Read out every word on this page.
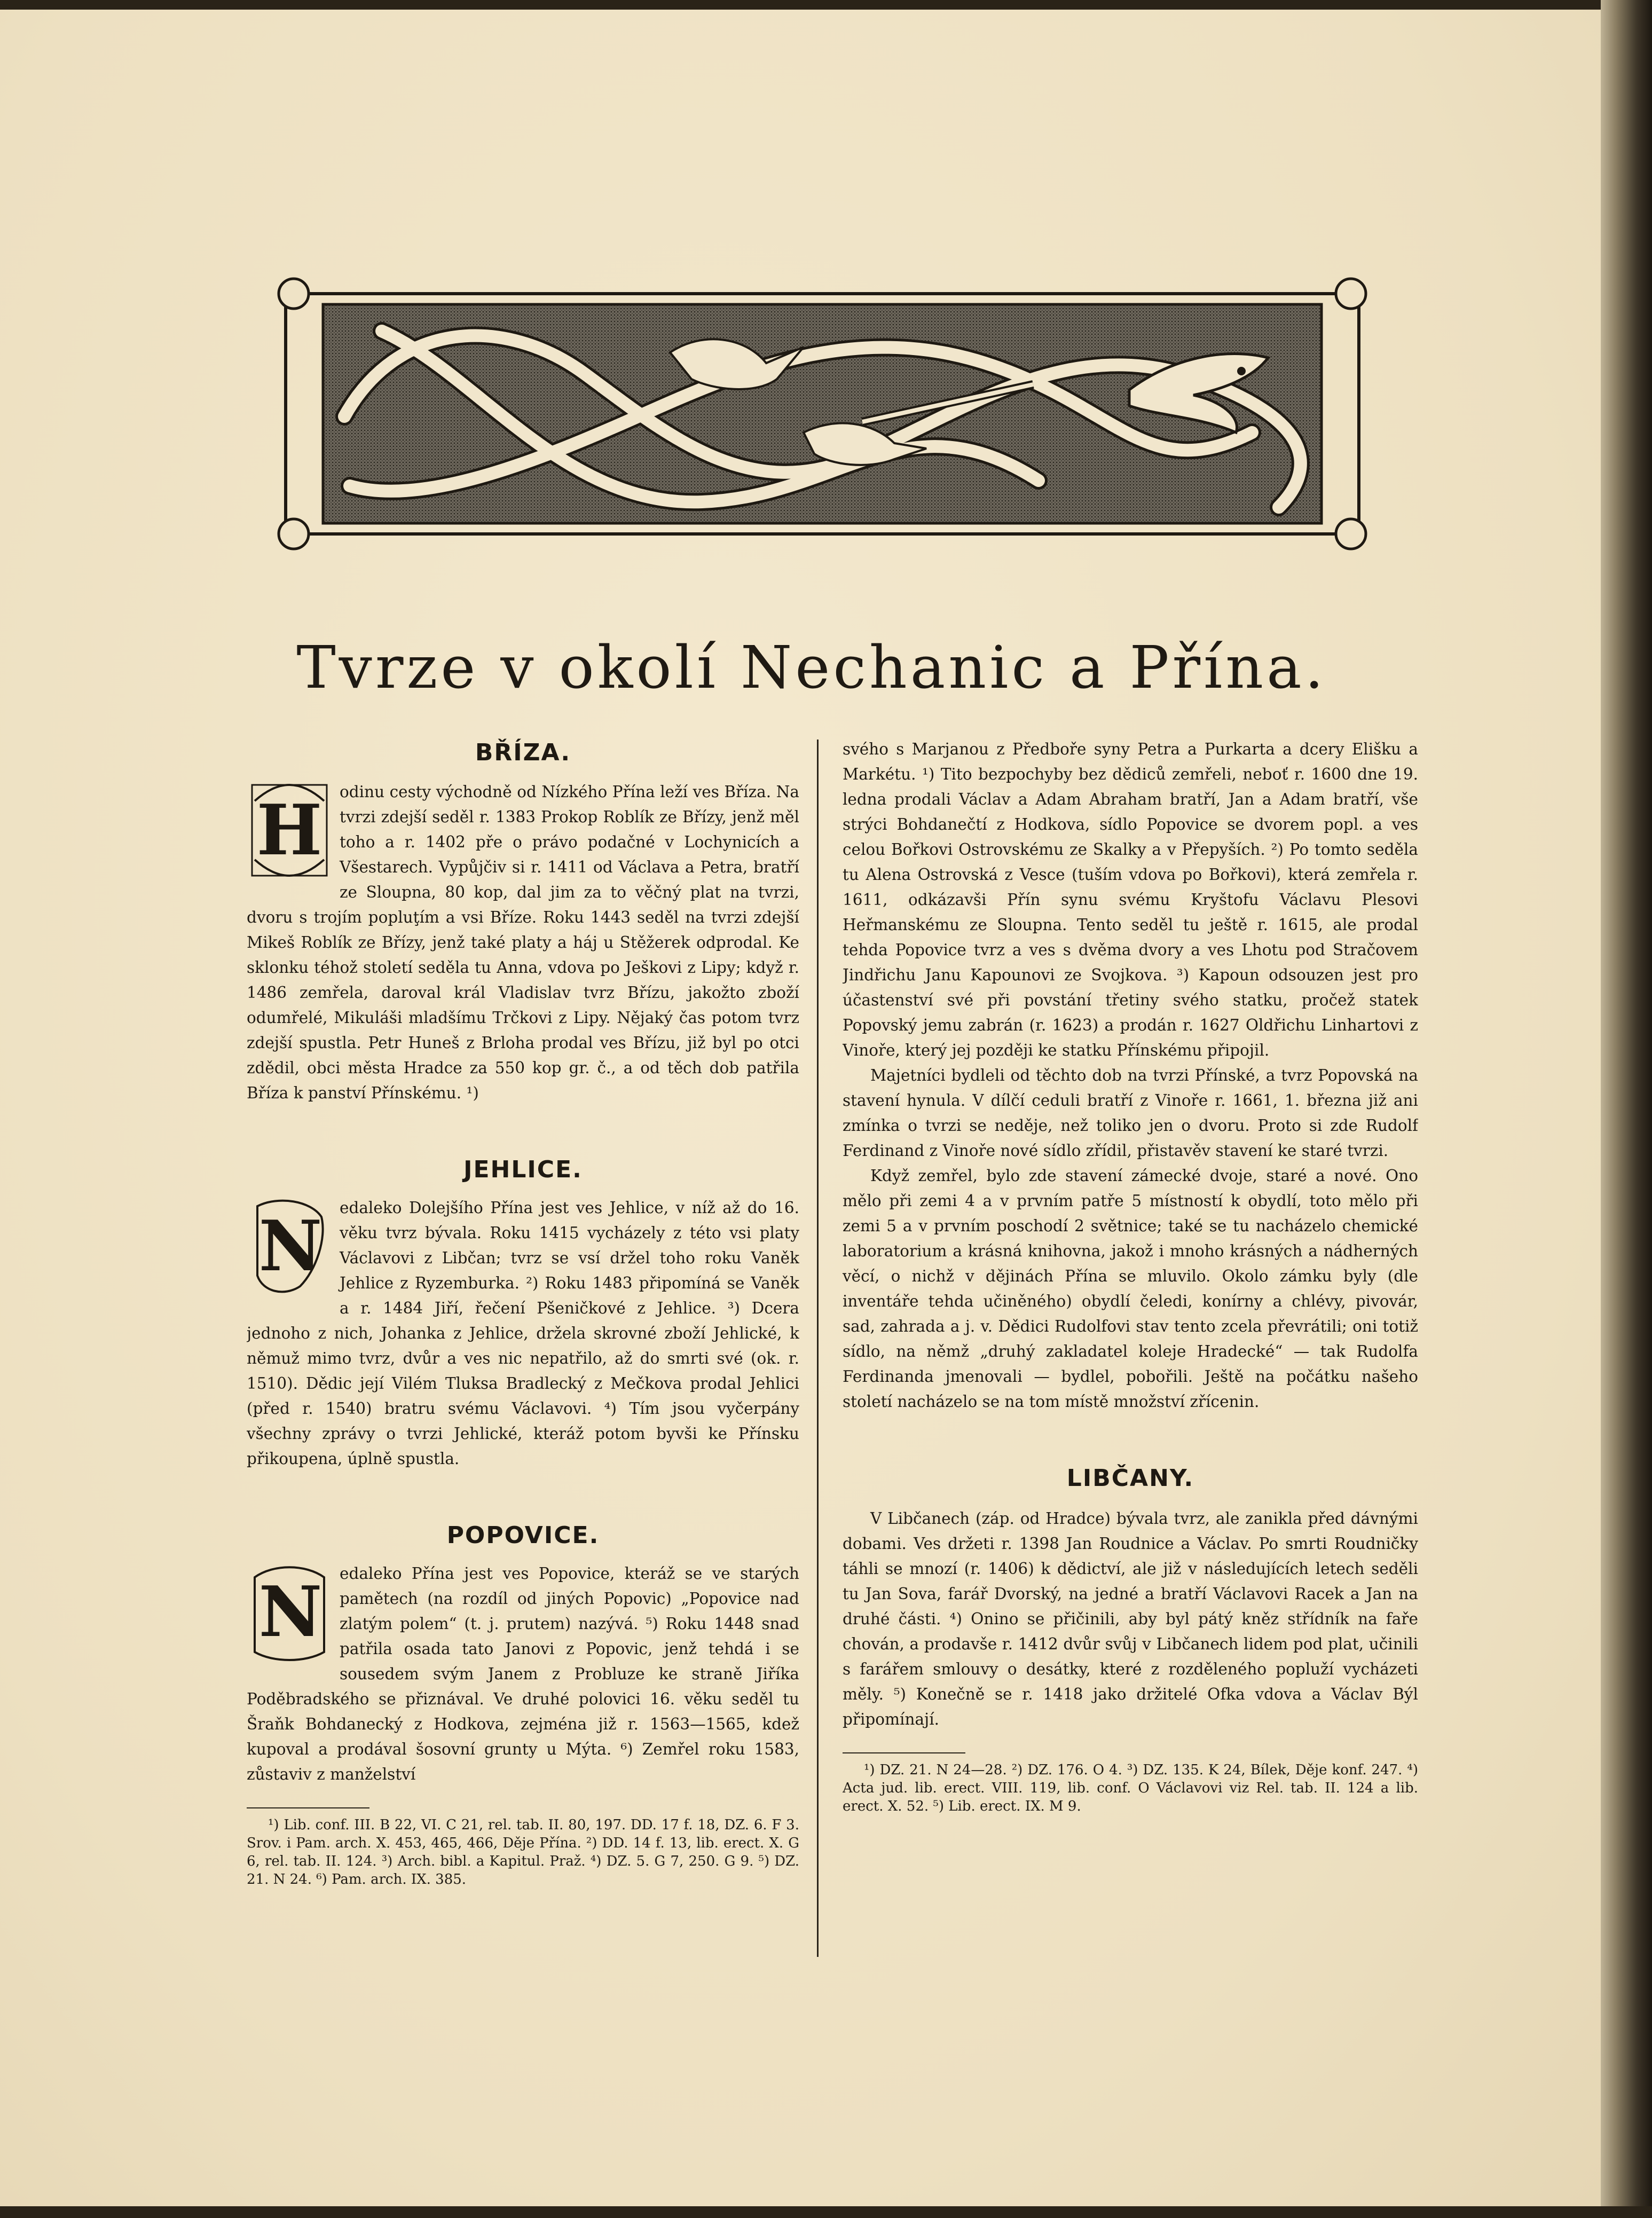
Tvrze v okolí Nechanic a Přína.
BŘÍZA.
H	odinu cesty východně od Nízkého Přína leží ves Bříza. Na tvrzi zdejší seděl r. 1383 Prokop Roblík ze Břízy, jenž měl toho a r. 1402 pře o právo podačné v Lochynicích a Všestarech. Vypůjčiv si r. 1411 od Václava a Petra, bratří ze Sloupna, 80 kop, dal jim za to věčný plat na tvrzi, dvoru s trojím popluţím a vsi Bříze. Roku 1443 seděl na tvrzi zdejší Mikeš Roblík ze Břízy, jenž také platy a háj u Stěžerek odprodal. Ke sklonku téhož století seděla tu Anna, vdova po Ješkovi z Lipy; když r. 1486 zemřela, daroval král Vladislav tvrz Břízu, jakožto zboží odumřelé, Mikuláši mladšímu Trčkovi z Lipy. Nějaký čas potom tvrz zdejší spustla. Petr Huneš z Brloha prodal ves Břízu, již byl po otci zdědil, obci města Hradce za 550 kop gr. č., a od těch dob patřila Bříza k panství Přínskému. ¹)

JEHLICE.
N	edaleko Dolejšího Přína jest ves Jehlice, v níž až do 16. věku tvrz bývala. Roku 1415 vycházely z této vsi platy Václavovi z Libčan; tvrz se vsí držel toho roku Vaněk Jehlice z Ryzemburka. ²) Roku 1483 připomíná se Vaněk a r. 1484 Jiří, řečení Pšeničkové z Jehlice. ³) Dcera jednoho z nich, Johanka z Jehlice, držela skrovné zboží Jehlické, k němuž mimo tvrz, dvůr a ves nic nepatřilo, až do smrti své (ok. r. 1510). Dědic její Vilém Tluksa Bradlecký z Mečkova prodal Jehlici (před r. 1540) bratru svému Václavovi. ⁴) Tím jsou vyčerpány všechny zprávy o tvrzi Jehlické, kteráž potom byvši ke Přínsku přikoupena, úplně spustla.

POPOVICE.
N	edaleko Přína jest ves Popovice, kteráž se ve starých pamětech (na rozdíl od jiných Popovic) „Popovice nad zlatým polem“ (t. j. prutem) nazývá. ⁵) Roku 1448 snad patřila osada tato Janovi z Popovic, jenž tehdá i se sousedem svým Janem z Probluze ke straně Jiříka Poděbradského se přiznával. Ve druhé polovici 16. věku seděl tu Šraňk Bohdanecký z Hodkova, zejména již r. 1563—1565, kdež kupoval a prodával šosovní grunty u Mýta. ⁶) Zemřel roku 1583, zůstaviv z manželství

¹) Lib. conf. III. B 22, VI. C 21, rel. tab. II. 80, 197. DD. 17 f. 18, DZ. 6. F 3. Srov. i Pam. arch. X. 453, 465, 466, Děje Přína. ²) DD. 14 f. 13, lib. erect. X. G 6, rel. tab. II. 124. ³) Arch. bibl. a Kapitul. Praž. ⁴) DZ. 5. G 7, 250. G 9. ⁵) DZ. 21. N 24. ⁶) Pam. arch. IX. 385.

svého s Marjanou z Předboře syny Petra a Purkarta a dcery Elišku a Markétu. ¹) Tito bezpochyby bez dědiců zemřeli, neboť r. 1600 dne 19. ledna prodali Václav a Adam Abraham bratří, Jan a Adam bratří, vše strýci Bohdanečtí z Hodkova, sídlo Popovice se dvorem popl. a ves celou Bořkovi Ostrovskému ze Skalky a v Přepyších. ²) Po tomto seděla tu Alena Ostrovská z Vesce (tuším vdova po Bořkovi), která zemřela r. 1611, odkázavši Přín synu svému Kryštofu Václavu Plesovi Heřmanskému ze Sloupna. Tento seděl tu ještě r. 1615, ale prodal tehda Popovice tvrz a ves s dvěma dvory a ves Lhotu pod Stračovem Jindřichu Janu Kapounovi ze Svojkova. ³) Kapoun odsouzen jest pro účastenství své při povstání třetiny svého statku, pročež statek Popovský jemu zabrán (r. 1623) a prodán r. 1627 Oldřichu Linhartovi z Vinoře, který jej později ke statku Přínskému připojil.

Majetníci bydleli od těchto dob na tvrzi Přínské, a tvrz Popovská na stavení hynula. V dílčí ceduli bratří z Vinoře r. 1661, 1. března již ani zmínka o tvrzi se neděje, než toliko jen o dvoru. Proto si zde Rudolf Ferdinand z Vinoře nové sídlo zřídil, přistavěv stavení ke staré tvrzi.

Když zemřel, bylo zde stavení zámecké dvoje, staré a nové. Ono mělo při zemi 4 a v prvním patře 5 místností k obydlí, toto mělo při zemi 5 a v prvním poschodí 2 světnice; také se tu nacházelo chemické laboratorium a krásná knihovna, jakož i mnoho krásných a nádherných věcí, o nichž v dějinách Přína se mluvilo. Okolo zámku byly (dle inventáře tehda učiněného) obydlí čeledi, konírny a chlévy, pivovár, sad, zahrada a j. v. Dědici Rudolfovi stav tento zcela převrátili; oni totiž sídlo, na němž „druhý zakladatel koleje Hradecké“ — tak Rudolfa Ferdinanda jmenovali — bydlel, pobořili. Ještě na počátku našeho století nacházelo se na tom místě množství zřícenin.

LIBČANY.

V Libčanech (záp. od Hradce) bývala tvrz, ale zanikla před dávnými dobami. Ves držeti r. 1398 Jan Roudnice a Václav. Po smrti Roudničky táhli se mnozí (r. 1406) k dědictví, ale již v následujících letech seděli tu Jan Sova, farář Dvorský, na jedné a bratří Václavovi Racek a Jan na druhé části. ⁴) Onino se přičinili, aby byl pátý kněz střídník na faře chován, a prodavše r. 1412 dvůr svůj v Libčanech lidem pod plat, učinili s farářem smlouvy o desátky, které z rozděleného popluží vycházeti měly. ⁵) Konečně se r. 1418 jako držitelé Ofka vdova a Václav Býl připomínají.

¹) DZ. 21. N 24—28. ²) DZ. 176. O 4. ³) DZ. 135. K 24, Bílek, Děje konf. 247. ⁴) Acta jud. lib. erect. VIII. 119, lib. conf. O Václavovi viz Rel. tab. II. 124 a lib. erect. X. 52. ⁵) Lib. erect. IX. M 9.
